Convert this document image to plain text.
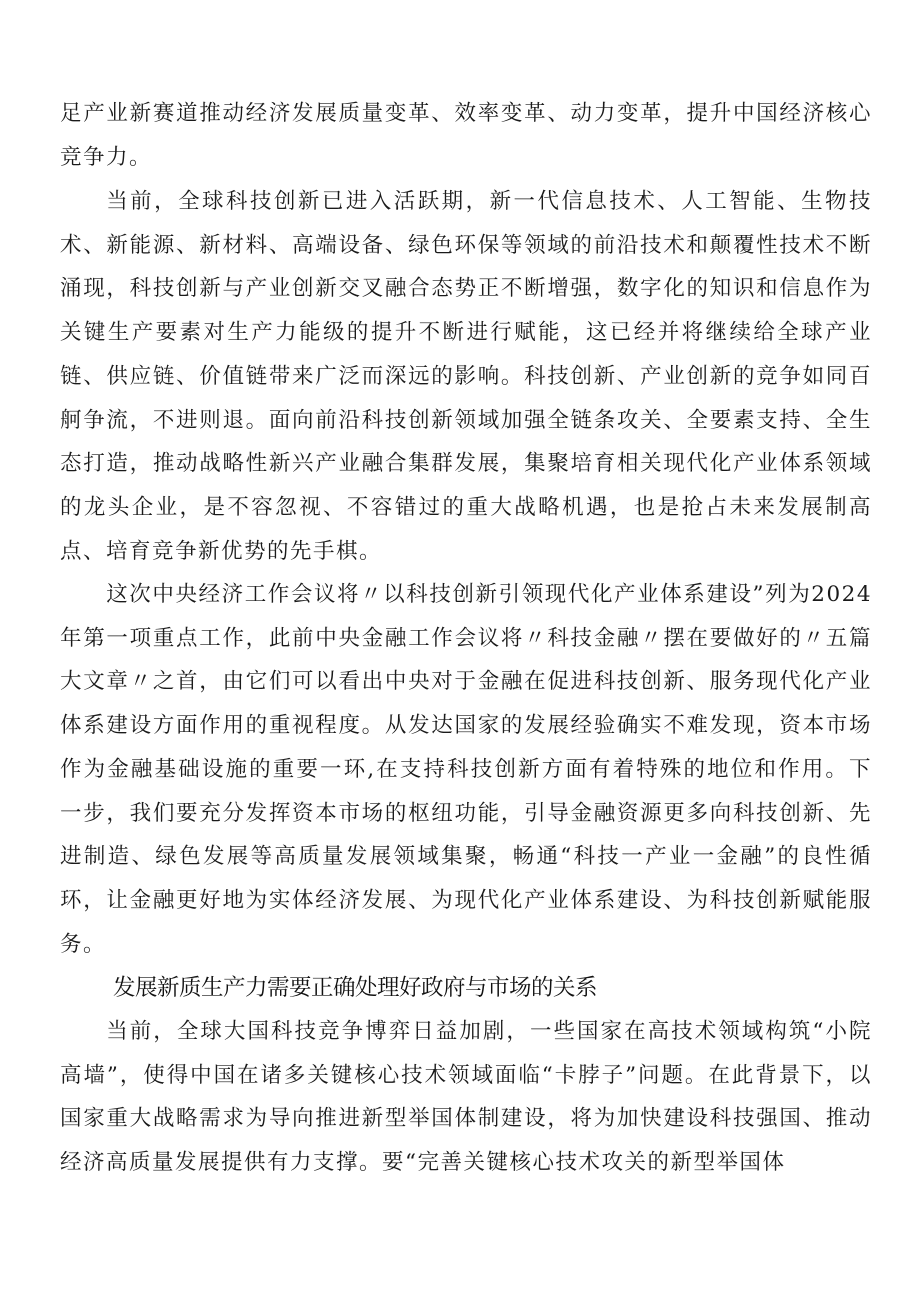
足产业新赛道推动经济发展质量变革、效率变革、动力变革，提升中国经济核心竞争力。

当前，全球科技创新已进入活跃期，新一代信息技术、人工智能、生物技术、新能源、新材料、高端设备、绿色环保等领域的前沿技术和颠覆性技术不断涌现，科技创新与产业创新交叉融合态势正不断增强，数字化的知识和信息作为关键生产要素对生产力能级的提升不断进行赋能，这已经并将继续给全球产业链、供应链、价值链带来广泛而深远的影响。科技创新、产业创新的竞争如同百舸争流，不进则退。面向前沿科技创新领域加强全链条攻关、全要素支持、全生态打造，推动战略性新兴产业融合集群发展，集聚培育相关现代化产业体系领域的龙头企业，是不容忽视、不容错过的重大战略机遇，也是抢占未来发展制高点、培育竞争新优势的先手棋。

这次中央经济工作会议将〃以科技创新引领现代化产业体系建设”列为2024年第一项重点工作，此前中央金融工作会议将〃科技金融〃摆在要做好的〃五篇大文章〃之首，由它们可以看出中央对于金融在促进科技创新、服务现代化产业体系建设方面作用的重视程度。从发达国家的发展经验确实不难发现，资本市场作为金融基础设施的重要一环,在支持科技创新方面有着特殊的地位和作用。下一步，我们要充分发挥资本市场的枢纽功能，引导金融资源更多向科技创新、先进制造、绿色发展等高质量发展领域集聚，畅通“科技一产业一金融”的良性循环，让金融更好地为实体经济发展、为现代化产业体系建设、为科技创新赋能服务。

发展新质生产力需要正确处理好政府与市场的关系

当前，全球大国科技竞争博弈日益加剧，一些国家在高技术领域构筑“小院高墙”，使得中国在诸多关键核心技术领域面临“卡脖子”问题。在此背景下，以国家重大战略需求为导向推进新型举国体制建设，将为加快建设科技强国、推动经济高质量发展提供有力支撑。要“完善关键核心技术攻关的新型举国体
